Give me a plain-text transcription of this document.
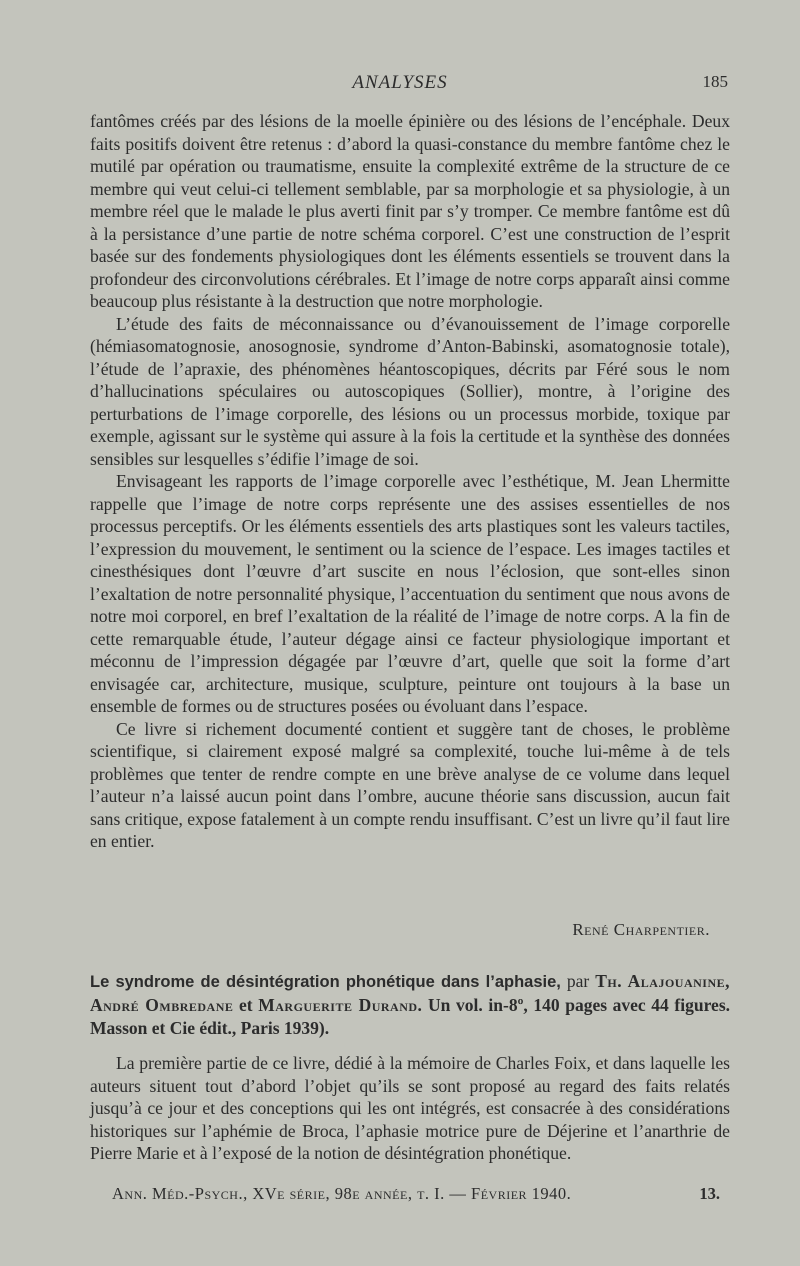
ANALYSES	185

fantômes créés par des lésions de la moelle épinière ou des lésions de l’encéphale. Deux faits positifs doivent être retenus : d’abord la quasi-constance du membre fantôme chez le mutilé par opération ou traumatisme, ensuite la complexité extrême de la structure de ce membre qui veut celui-ci tellement semblable, par sa morphologie et sa physiologie, à un membre réel que le malade le plus averti finit par s’y tromper. Ce membre fantôme est dû à la persistance d’une partie de notre schéma corporel. C’est une construction de l’esprit basée sur des fondements physiologiques dont les éléments essentiels se trouvent dans la profondeur des circonvolutions cérébrales. Et l’image de notre corps apparaît ainsi comme beaucoup plus résistante à la destruction que notre morphologie.

L’étude des faits de méconnaissance ou d’évanouissement de l’image corporelle (hémiasomatognosie, anosognosie, syndrome d’Anton-Babinski, asomatognosie totale), l’étude de l’apraxie, des phénomènes héantoscopiques, décrits par Féré sous le nom d’hallucinations spéculaires ou autoscopiques (Sollier), montre, à l’origine des perturbations de l’image corporelle, des lésions ou un processus morbide, toxique par exemple, agissant sur le système qui assure à la fois la certitude et la synthèse des données sensibles sur lesquelles s’édifie l’image de soi.

Envisageant les rapports de l’image corporelle avec l’esthétique, M. Jean Lhermitte rappelle que l’image de notre corps représente une des assises essentielles de nos processus perceptifs. Or les éléments essentiels des arts plastiques sont les valeurs tactiles, l’expression du mouvement, le sentiment ou la science de l’espace. Les images tactiles et cinesthésiques dont l’œuvre d’art suscite en nous l’éclosion, que sont-elles sinon l’exaltation de notre personnalité physique, l’accentuation du sentiment que nous avons de notre moi corporel, en bref l’exaltation de la réalité de l’image de notre corps. A la fin de cette remarquable étude, l’auteur dégage ainsi ce facteur physiologique important et méconnu de l’impression dégagée par l’œuvre d’art, quelle que soit la forme d’art envisagée car, architecture, musique, sculpture, peinture ont toujours à la base un ensemble de formes ou de structures posées ou évoluant dans l’espace.

Ce livre si richement documenté contient et suggère tant de choses, le problème scientifique, si clairement exposé malgré sa complexité, touche lui-même à de tels problèmes que tenter de rendre compte en une brève analyse de ce volume dans lequel l’auteur n’a laissé aucun point dans l’ombre, aucune théorie sans discussion, aucun fait sans critique, expose fatalement à un compte rendu insuffisant. C’est un livre qu’il faut lire en entier.

René Charpentier.
Le syndrome de désintégration phonétique dans l’aphasie, par Th. Alajouanine, André Ombredane et Marguerite Durand. Un vol. in-8º, 140 pages avec 44 figures. Masson et Cie édit., Paris 1939).

La première partie de ce livre, dédié à la mémoire de Charles Foix, et dans laquelle les auteurs situent tout d’abord l’objet qu’ils se sont proposé au regard des faits relatés jusqu’à ce jour et des conceptions qui les ont intégrés, est consacrée à des considérations historiques sur l’aphémie de Broca, l’aphasie motrice pure de Déjerine et l’anarthrie de Pierre Marie et à l’exposé de la notion de désintégration phonétique.

Ann. Méd.-Psych., XVe série, 98e année, t. I. — Février 1940.	13.
